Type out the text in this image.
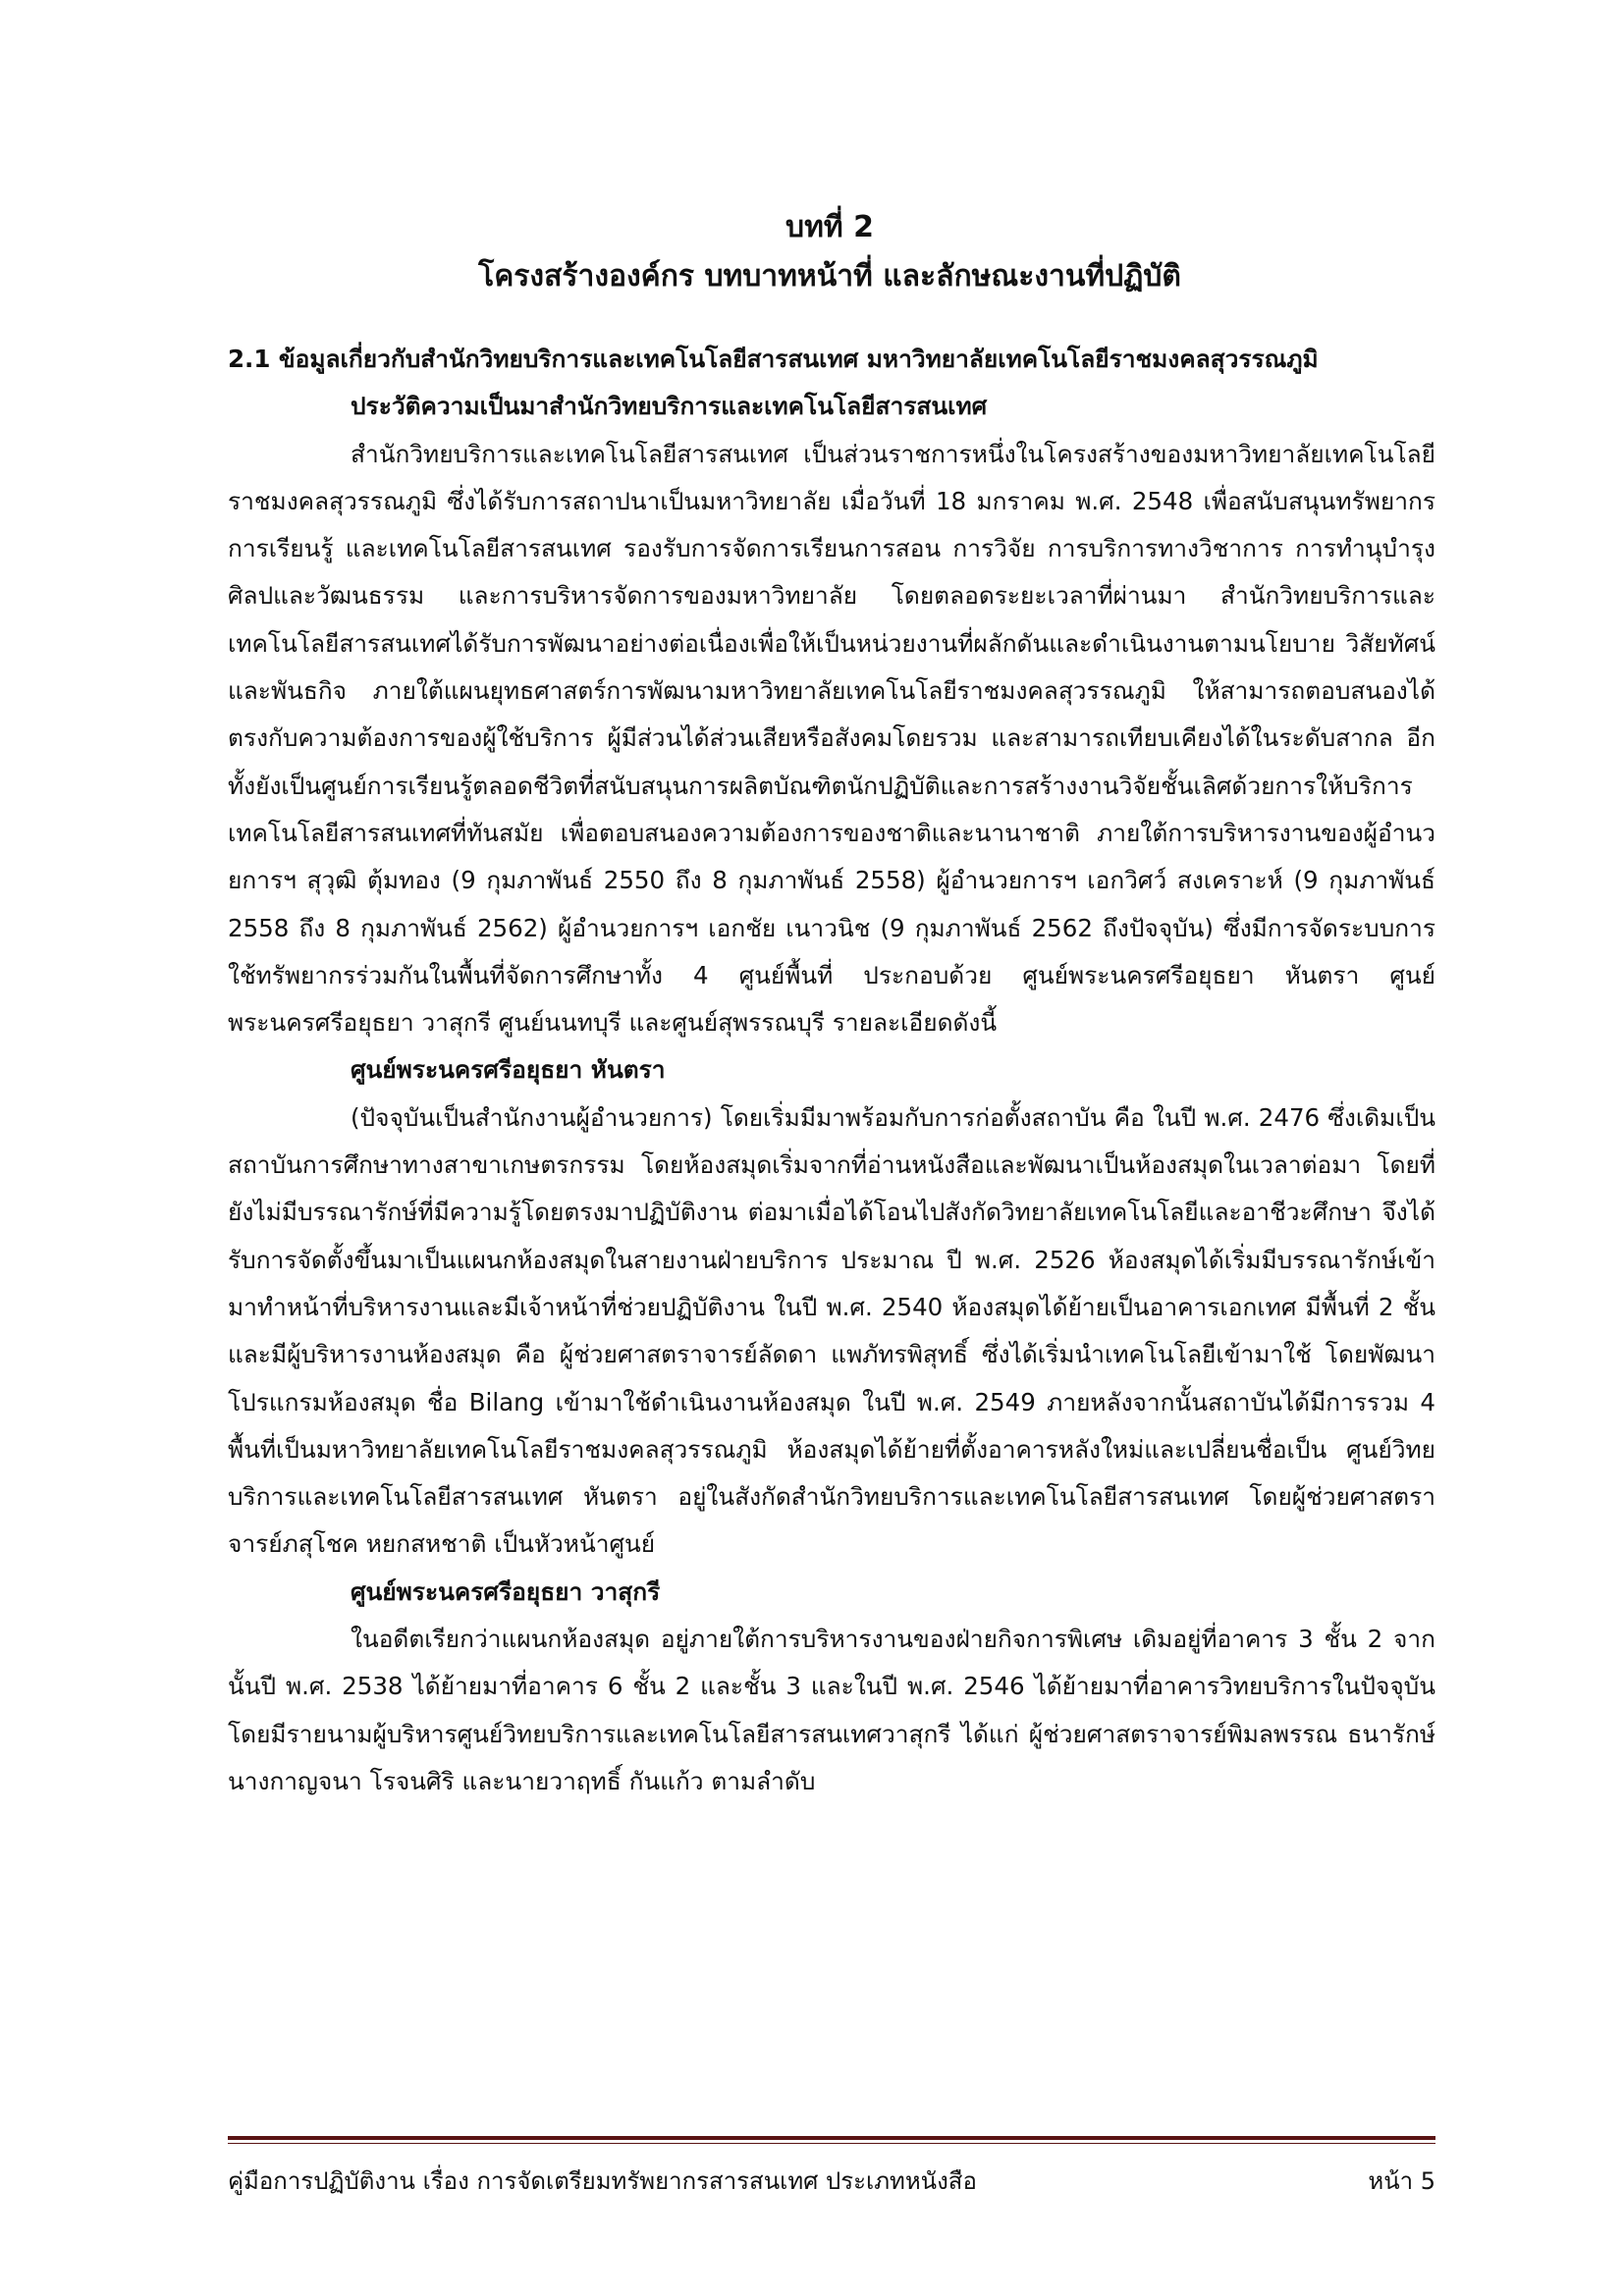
บทที่ 2
โครงสร้างองค์กร บทบาทหน้าที่ และลักษณะงานที่ปฏิบัติ

2.1 ข้อมูลเกี่ยวกับสำนักวิทยบริการและเทคโนโลยีสารสนเทศ มหาวิทยาลัยเทคโนโลยีราชมงคลสุวรรณภูมิ

ประวัติความเป็นมาสำนักวิทยบริการและเทคโนโลยีสารสนเทศ

สำนักวิทยบริการและเทคโนโลยีสารสนเทศ เป็นส่วนราชการหนึ่งในโครงสร้างของมหาวิทยาลัยเทคโนโลยีราชมงคลสุวรรณภูมิ ซึ่งได้รับการสถาปนาเป็นมหาวิทยาลัย เมื่อวันที่ 18 มกราคม พ.ศ. 2548 เพื่อสนับสนุนทรัพยากรการเรียนรู้ และเทคโนโลยีสารสนเทศ รองรับการจัดการเรียนการสอน การวิจัย การบริการทางวิชาการ การทำนุบำรุงศิลปและวัฒนธรรม และการบริหารจัดการของมหาวิทยาลัย โดยตลอดระยะเวลาที่ผ่านมา สำนักวิทยบริการและเทคโนโลยีสารสนเทศได้รับการพัฒนาอย่างต่อเนื่องเพื่อให้เป็นหน่วยงานที่ผลักดันและดำเนินงานตามนโยบาย วิสัยทัศน์และพันธกิจ ภายใต้แผนยุทธศาสตร์การพัฒนามหาวิทยาลัยเทคโนโลยีราชมงคลสุวรรณภูมิ ให้สามารถตอบสนองได้ตรงกับความต้องการของผู้ใช้บริการ ผู้มีส่วนได้ส่วนเสียหรือสังคมโดยรวม และสามารถเทียบเคียงได้ในระดับสากล อีกทั้งยังเป็นศูนย์การเรียนรู้ตลอดชีวิตที่สนับสนุนการผลิตบัณฑิตนักปฏิบัติและการสร้างงานวิจัยชั้นเลิศด้วยการให้บริการเทคโนโลยีสารสนเทศที่ทันสมัย เพื่อตอบสนองความต้องการของชาติและนานาชาติ ภายใต้การบริหารงานของผู้อำนวยการฯ สุวุฒิ ตุ้มทอง (9 กุมภาพันธ์ 2550 ถึง 8 กุมภาพันธ์ 2558) ผู้อำนวยการฯ เอกวิศว์ สงเคราะห์ (9 กุมภาพันธ์ 2558 ถึง 8 กุมภาพันธ์ 2562) ผู้อำนวยการฯ เอกชัย เนาวนิช (9 กุมภาพันธ์ 2562 ถึงปัจจุบัน) ซึ่งมีการจัดระบบการใช้ทรัพยากรร่วมกันในพื้นที่จัดการศึกษาทั้ง 4 ศูนย์พื้นที่ ประกอบด้วย ศูนย์พระนครศรีอยุธยา หันตรา ศูนย์พระนครศรีอยุธยา วาสุกรี ศูนย์นนทบุรี และศูนย์สุพรรณบุรี รายละเอียดดังนี้

ศูนย์พระนครศรีอยุธยา หันตรา

(ปัจจุบันเป็นสำนักงานผู้อำนวยการ) โดยเริ่มมีมาพร้อมกับการก่อตั้งสถาบัน คือ ในปี พ.ศ. 2476 ซึ่งเดิมเป็นสถาบันการศึกษาทางสาขาเกษตรกรรม โดยห้องสมุดเริ่มจากที่อ่านหนังสือและพัฒนาเป็นห้องสมุดในเวลาต่อมา โดยที่ยังไม่มีบรรณารักษ์ที่มีความรู้โดยตรงมาปฏิบัติงาน ต่อมาเมื่อได้โอนไปสังกัดวิทยาลัยเทคโนโลยีและอาชีวะศึกษา จึงได้รับการจัดตั้งขึ้นมาเป็นแผนกห้องสมุดในสายงานฝ่ายบริการ ประมาณ ปี พ.ศ. 2526 ห้องสมุดได้เริ่มมีบรรณารักษ์เข้ามาทำหน้าที่บริหารงานและมีเจ้าหน้าที่ช่วยปฏิบัติงาน ในปี พ.ศ. 2540 ห้องสมุดได้ย้ายเป็นอาคารเอกเทศ มีพื้นที่ 2 ชั้น และมีผู้บริหารงานห้องสมุด คือ ผู้ช่วยศาสตราจารย์ลัดดา แพภัทรพิสุทธิ์ ซึ่งได้เริ่มนำเทคโนโลยีเข้ามาใช้ โดยพัฒนาโปรแกรมห้องสมุด ชื่อ Bilang เข้ามาใช้ดำเนินงานห้องสมุด ในปี พ.ศ. 2549 ภายหลังจากนั้นสถาบันได้มีการรวม 4 พื้นที่เป็นมหาวิทยาลัยเทคโนโลยีราชมงคลสุวรรณภูมิ ห้องสมุดได้ย้ายที่ตั้งอาคารหลังใหม่และเปลี่ยนชื่อเป็น ศูนย์วิทยบริการและเทคโนโลยีสารสนเทศ หันตรา อยู่ในสังกัดสำนักวิทยบริการและเทคโนโลยีสารสนเทศ โดยผู้ช่วยศาสตราจารย์ภสุโชค หยกสหชาติ เป็นหัวหน้าศูนย์

ศูนย์พระนครศรีอยุธยา วาสุกรี

ในอดีตเรียกว่าแผนกห้องสมุด อยู่ภายใต้การบริหารงานของฝ่ายกิจการพิเศษ เดิมอยู่ที่อาคาร 3 ชั้น 2 จากนั้นปี พ.ศ. 2538 ได้ย้ายมาที่อาคาร 6 ชั้น 2 และชั้น 3 และในปี พ.ศ. 2546 ได้ย้ายมาที่อาคารวิทยบริการในปัจจุบัน โดยมีรายนามผู้บริหารศูนย์วิทยบริการและเทคโนโลยีสารสนเทศวาสุกรี ได้แก่ ผู้ช่วยศาสตราจารย์พิมลพรรณ ธนารักษ์ นางกาญจนา โรจนศิริ และนายวาฤทธิ์ กันแก้ว ตามลำดับ

คู่มือการปฏิบัติงาน เรื่อง การจัดเตรียมทรัพยากรสารสนเทศ ประเภทหนังสือ	หน้า 5
